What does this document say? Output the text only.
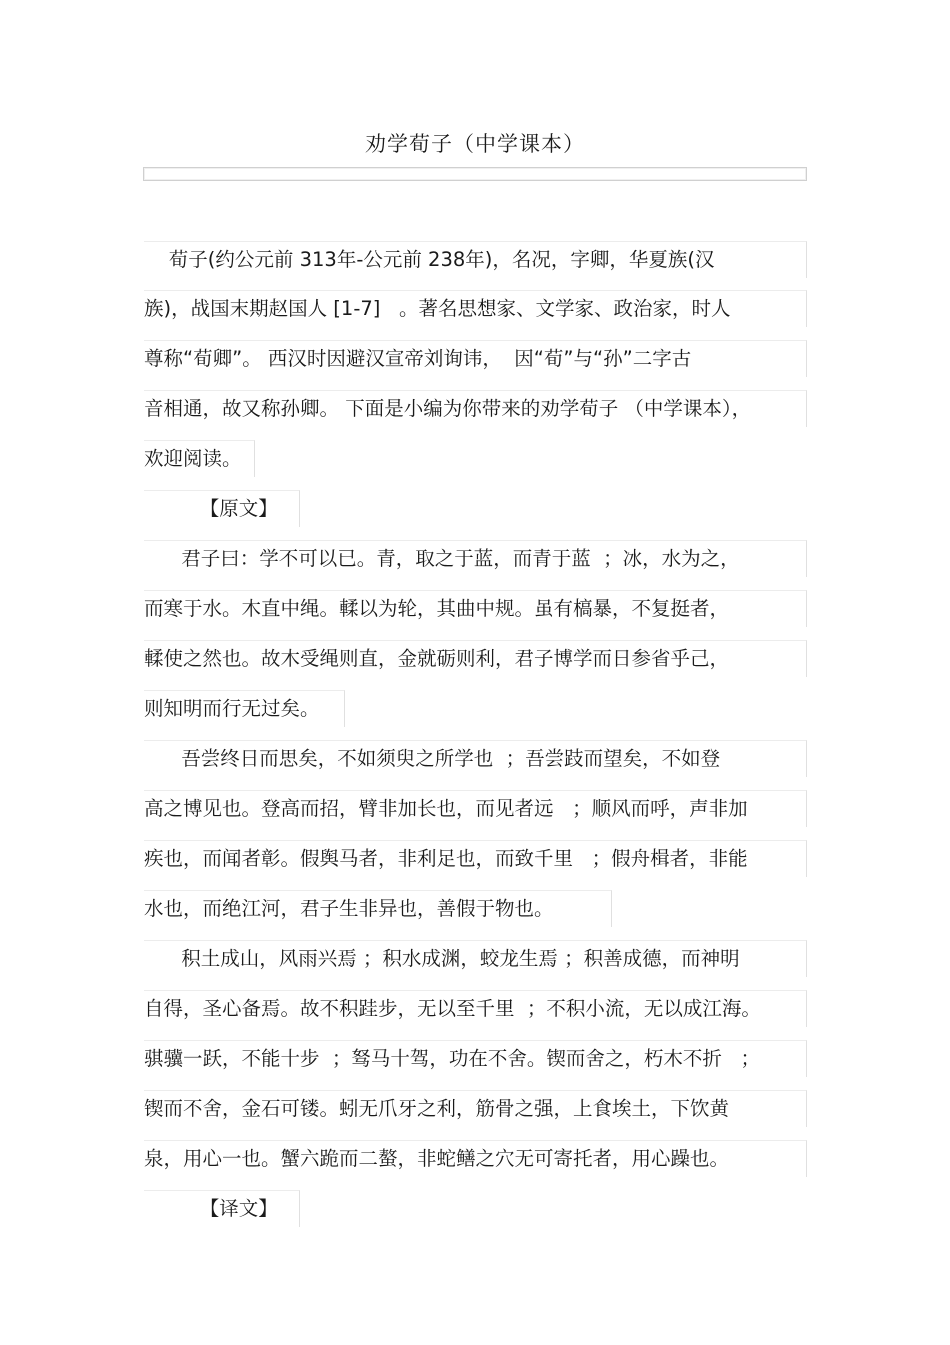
劝学荀子（中学课本）
荀子(约公元前 313年-公元前 238年)，名况，字卿，华夏族(汉
族)，战国末期赵国人 [1-7]   。著名思想家、文学家、政治家，时人
尊称“荀卿”。 西汉时因避汉宣帝刘询讳，  因“荀”与“孙”二字古
音相通，故又称孙卿。 下面是小编为你带来的劝学荀子 （中学课本），
欢迎阅读。
【原文】
君子曰：学不可以已。青，取之于蓝，而青于蓝  ；冰，水为之，
而寒于水。木直中绳。輮以为轮，其曲中规。虽有槁暴，不复挺者，
輮使之然也。故木受绳则直，金就砺则利，君子博学而日参省乎己，
则知明而行无过矣。
吾尝终日而思矣，不如须臾之所学也  ；吾尝跂而望矣，不如登
高之博见也。登高而招，臂非加长也，而见者远   ；顺风而呼，声非加
疾也，而闻者彰。假舆马者，非利足也，而致千里   ；假舟楫者，非能
水也，而绝江河，君子生非异也，善假于物也。
积土成山，风雨兴焉 ；积水成渊，蛟龙生焉 ；积善成德，而神明
自得，圣心备焉。故不积跬步，无以至千里  ；不积小流，无以成江海。
骐骥一跃，不能十步  ；驽马十驾，功在不舍。锲而舍之，朽木不折   ；
锲而不舍，金石可镂。蚓无爪牙之利，筋骨之强，上食埃土，下饮黄
泉，用心一也。蟹六跪而二螯，非蛇鳝之穴无可寄托者，用心躁也。
【译文】
